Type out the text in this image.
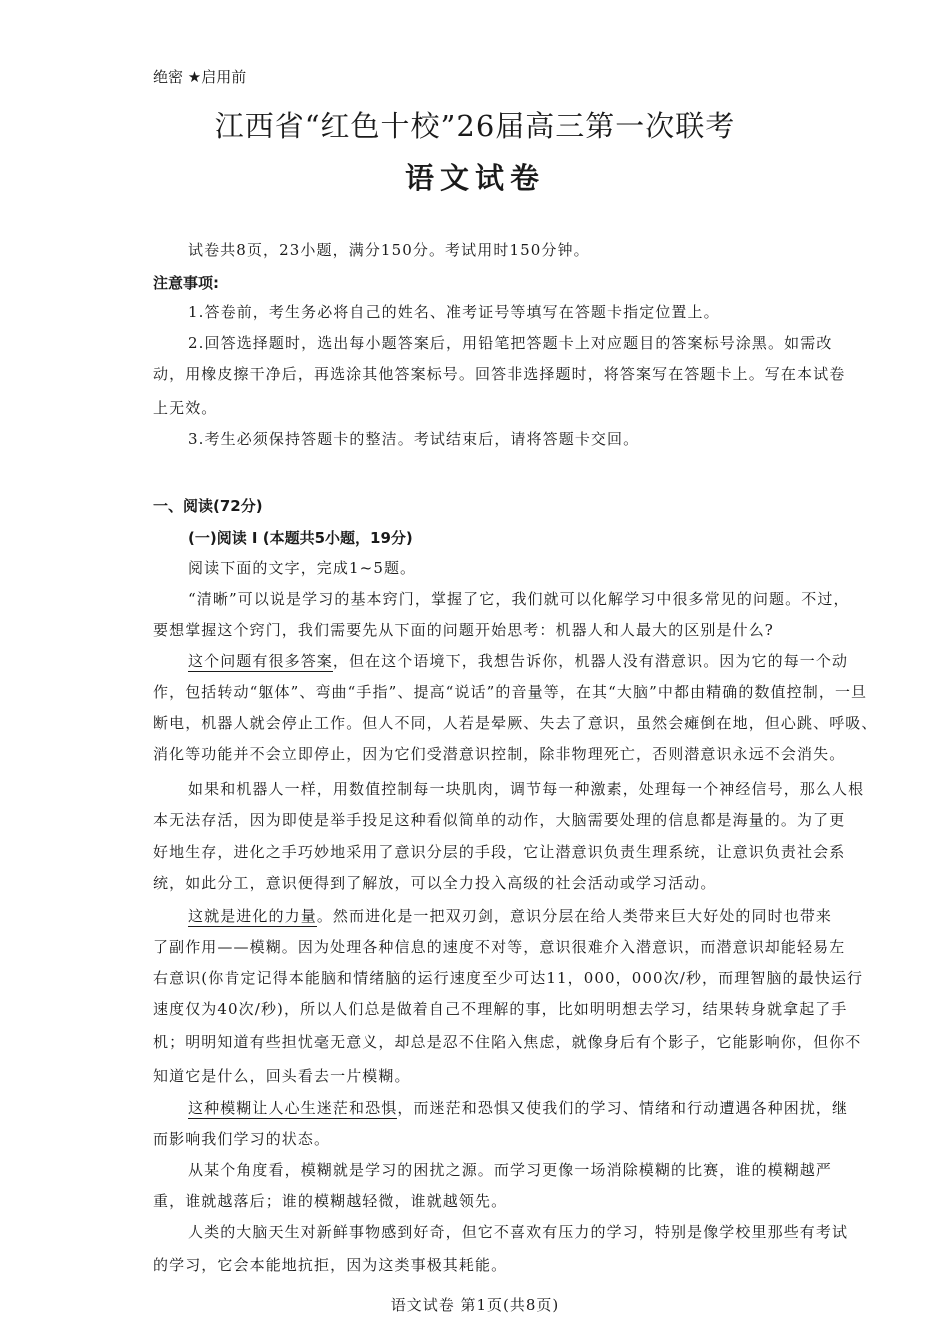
绝密 ★启用前
江西省“红色十校”26届高三第一次联考
语文试卷
试卷共8页，23小题，满分150分。考试用时150分钟。
注意事项:
1.答卷前，考生务必将自己的姓名、准考证号等填写在答题卡指定位置上。
2.回答选择题时，选出每小题答案后，用铅笔把答题卡上对应题目的答案标号涂黑。如需改
动，用橡皮擦干净后，再选涂其他答案标号。回答非选择题时，将答案写在答题卡上。写在本试卷
上无效。
3.考生必须保持答题卡的整洁。考试结束后，请将答题卡交回。
一、阅读(72分)
(一)阅读 I (本题共5小题，19分)
阅读下面的文字，完成1~5题。
“清晰”可以说是学习的基本窍门，掌握了它，我们就可以化解学习中很多常见的问题。不过，
要想掌握这个窍门，我们需要先从下面的问题开始思考：机器人和人最大的区别是什么?
这个问题有很多答案，但在这个语境下，我想告诉你，机器人没有潜意识。因为它的每一个动
作，包括转动“躯体”、弯曲“手指”、提高“说话”的音量等，在其“大脑”中都由精确的数值控制，一旦
断电，机器人就会停止工作。但人不同，人若是晕厥、失去了意识，虽然会瘫倒在地，但心跳、呼吸、
消化等功能并不会立即停止，因为它们受潜意识控制，除非物理死亡，否则潜意识永远不会消失。
如果和机器人一样，用数值控制每一块肌肉，调节每一种激素，处理每一个神经信号，那么人根
本无法存活，因为即使是举手投足这种看似简单的动作，大脑需要处理的信息都是海量的。为了更
好地生存，进化之手巧妙地采用了意识分层的手段，它让潜意识负责生理系统，让意识负责社会系
统，如此分工，意识便得到了解放，可以全力投入高级的社会活动或学习活动。
这就是进化的力量。然而进化是一把双刃剑，意识分层在给人类带来巨大好处的同时也带来
了副作用——模糊。因为处理各种信息的速度不对等，意识很难介入潜意识，而潜意识却能轻易左
右意识(你肯定记得本能脑和情绪脑的运行速度至少可达11，000，000次/秒，而理智脑的最快运行
速度仅为40次/秒)，所以人们总是做着自己不理解的事，比如明明想去学习，结果转身就拿起了手
机；明明知道有些担忧毫无意义，却总是忍不住陷入焦虑，就像身后有个影子，它能影响你，但你不
知道它是什么，回头看去一片模糊。
这种模糊让人心生迷茫和恐惧，而迷茫和恐惧又使我们的学习、情绪和行动遭遇各种困扰，继
而影响我们学习的状态。
从某个角度看，模糊就是学习的困扰之源。而学习更像一场消除模糊的比赛，谁的模糊越严
重，谁就越落后；谁的模糊越轻微，谁就越领先。
人类的大脑天生对新鲜事物感到好奇，但它不喜欢有压力的学习，特别是像学校里那些有考试
的学习，它会本能地抗拒，因为这类事极其耗能。
语文试卷 第1页(共8页)
